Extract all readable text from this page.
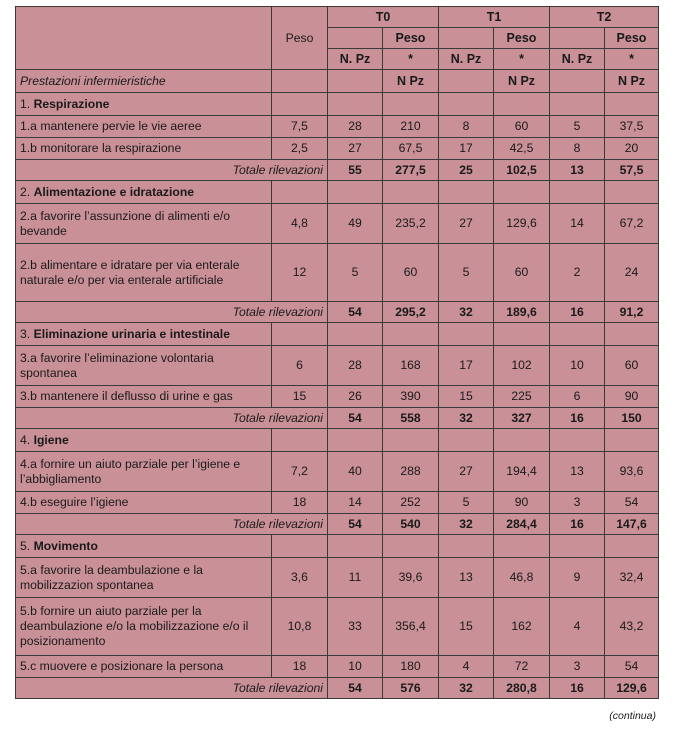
	Peso	T0		T1		T2	
			Peso		Peso		Peso
		N. Pz	*	N. Pz	*	N. Pz	*
Prestazioni infermieristiche			N Pz		N Pz		N Pz
1. Respirazione							
1.a mantenere pervie le vie aeree	7,5	28	210	8	60	5	37,5
1.b monitorare la respirazione	2,5	27	67,5	17	42,5	8	20
Totale rilevazioni		55	277,5	25	102,5	13	57,5
2. Alimentazione e idratazione							
2.a favorire l’assunzione di alimenti e/o bevande	4,8	49	235,2	27	129,6	14	67,2
2.b alimentare e idratare per via enterale naturale e/o per via enterale artificiale	12	5	60	5	60	2	24
Totale rilevazioni		54	295,2	32	189,6	16	91,2
3. Eliminazione urinaria e intestinale							
3.a favorire l’eliminazione volontaria spontanea	6	28	168	17	102	10	60
3.b mantenere il deflusso di urine e gas	15	26	390	15	225	6	90
Totale rilevazioni		54	558	32	327	16	150
4. Igiene							
4.a fornire un aiuto parziale per l’igiene e l’abbigliamento	7,2	40	288	27	194,4	13	93,6
4.b eseguire l’igiene	18	14	252	5	90	3	54
Totale rilevazioni		54	540	32	284,4	16	147,6
5. Movimento							
5.a favorire la deambulazione e la mobilizzazion spontanea	3,6	11	39,6	13	46,8	9	32,4
5.b fornire un aiuto parziale per la deambulazione e/o la mobilizzazione e/o il posizionamento	10,8	33	356,4	15	162	4	43,2
5.c muovere e posizionare la persona	18	10	180	4	72	3	54
Totale rilevazioni		54	576	32	280,8	16	129,6
(continua)
